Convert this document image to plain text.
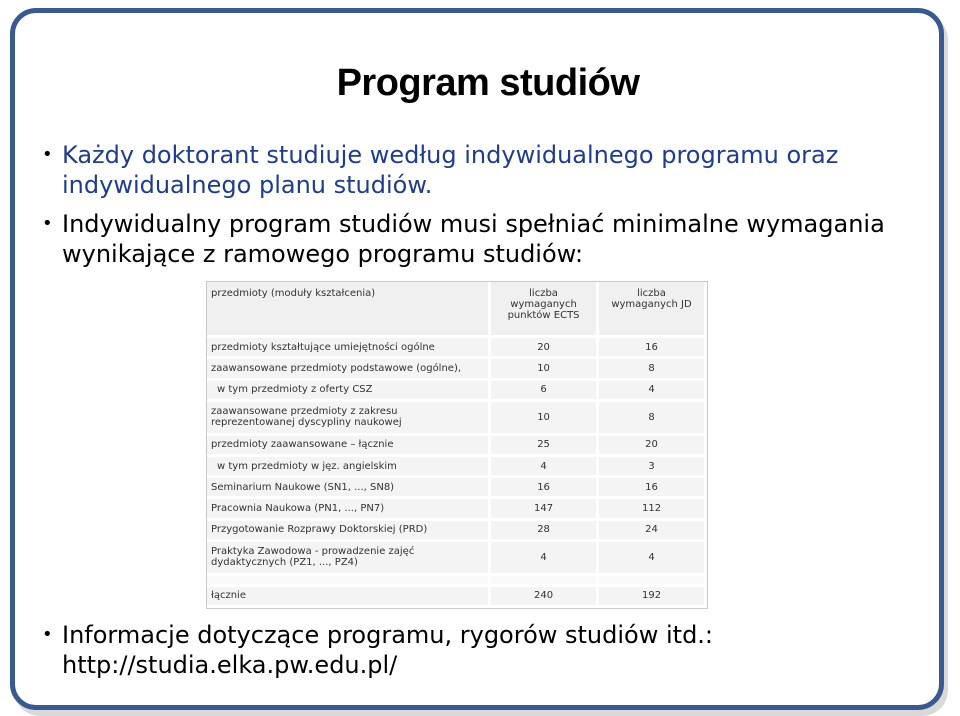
Program studiów
• Każdy doktorant studiuje według indywidualnego programu oraz indywidualnego planu studiów.
• Indywidualny program studiów musi spełniać minimalne wymagania wynikające z ramowego programu studiów:
przedmioty (moduły kształcenia)	liczba wymaganych punktów ECTS	liczba wymaganych JD
przedmioty kształtujące umiejętności ogólne	20	16
zaawansowane przedmioty podstawowe (ogólne),	10	8
w tym przedmioty z oferty CSZ	6	4
zaawansowane przedmioty z zakresu reprezentowanej dyscypliny naukowej	10	8
przedmioty zaawansowane – łącznie	25	20
w tym przedmioty w jęz. angielskim	4	3
Seminarium Naukowe (SN1, ..., SN8)	16	16
Pracownia Naukowa (PN1, ..., PN7)	147	112
Przygotowanie Rozprawy Doktorskiej (PRD)	28	24
Praktyka Zawodowa - prowadzenie zajęć dydaktycznych (PZ1, ..., PZ4)	4	4

łącznie	240	192
• Informacje dotyczące programu, rygorów studiów itd.: http://studia.elka.pw.edu.pl/
